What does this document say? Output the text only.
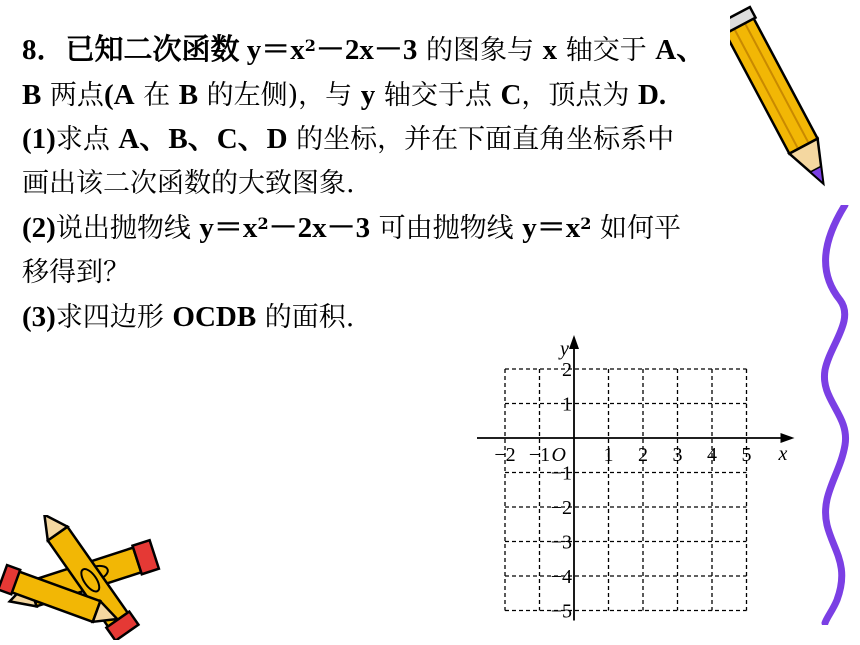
8．已知二次函数 $y=x^2-2x-3$ 的图象与 x 轴交于 A、
B 两点(A 在 B 的左侧)，与 y 轴交于点 C，顶点为 D.
(1)求点 A、B、C、D 的坐标，并在下面直角坐标系中
画出该二次函数的大致图象.
(2)说出抛物线 $y=x^2-2x-3$ 可由抛物线 $y=x^2$ 如何平
移得到？
(3)求四边形 OCDB 的面积.
−2 −1	1 2 3 4 5
2
1
−1
−2
−3
−4
−5
O	x
y
